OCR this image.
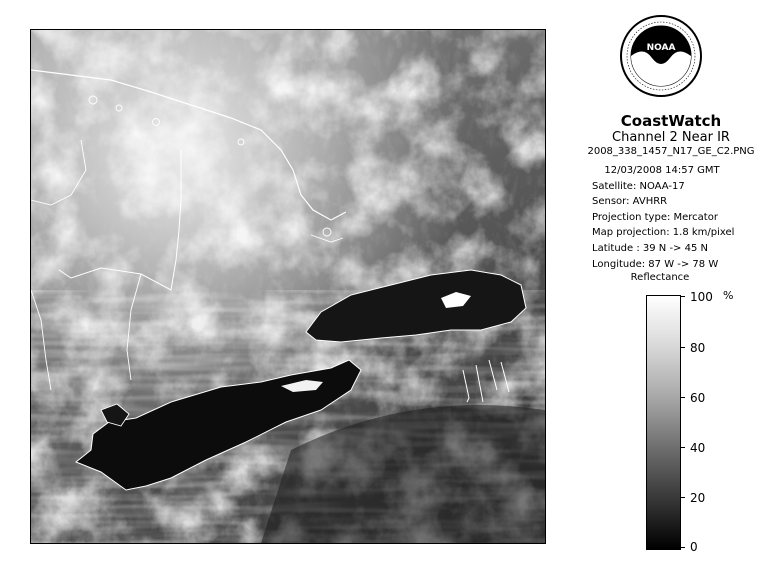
NOAA
CoastWatch
Channel 2 Near IR
2008_338_1457_N17_GE_C2.PNG
12/03/2008 14:57 GMT
Satellite: NOAA-17
Sensor: AVHRR
Projection type: Mercator
Map projection: 1.8 km/pixel
Latitude : 39 N -> 45 N
Longitude: 87 W -> 78 W
Reflectance
%
100
80
60
40
20
0
